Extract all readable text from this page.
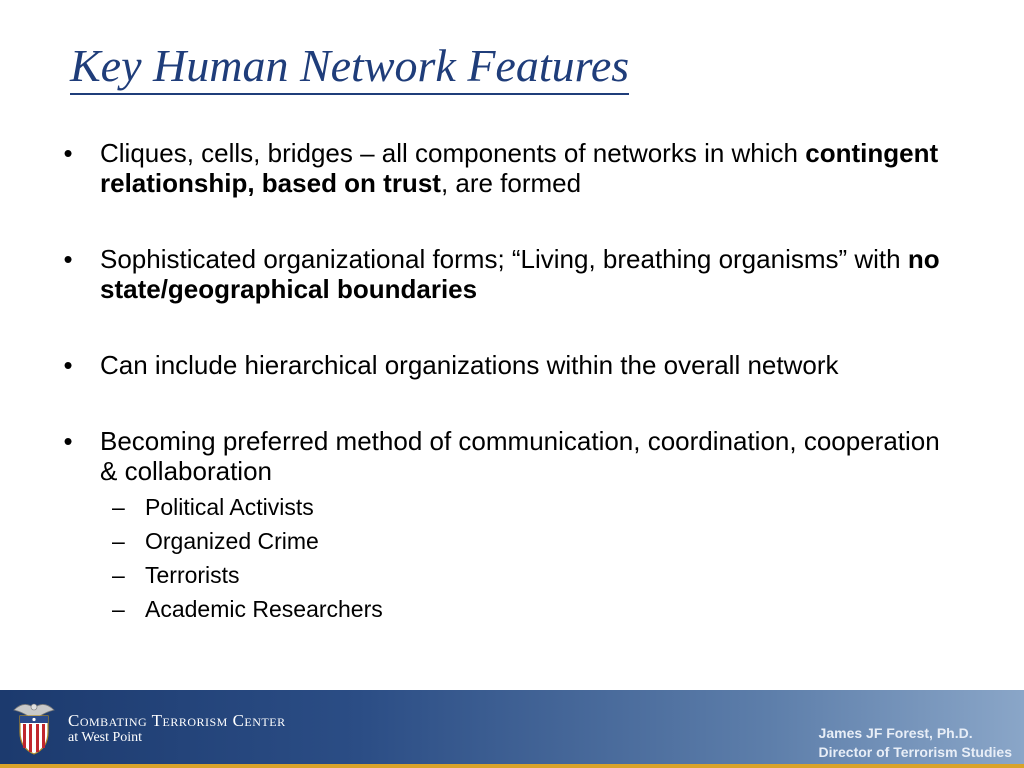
Key Human Network Features
• Cliques, cells, bridges – all components of networks in which contingent relationship, based on trust, are formed
• Sophisticated organizational forms; “Living, breathing organisms” with no state/geographical boundaries
• Can include hierarchical organizations within the overall network
• Becoming preferred method of communication, coordination, cooperation & collaboration
– Political Activists
– Organized Crime
– Terrorists
– Academic Researchers
Combating Terrorism Center
at West Point	James JF Forest, Ph.D.
Director of Terrorism Studies
